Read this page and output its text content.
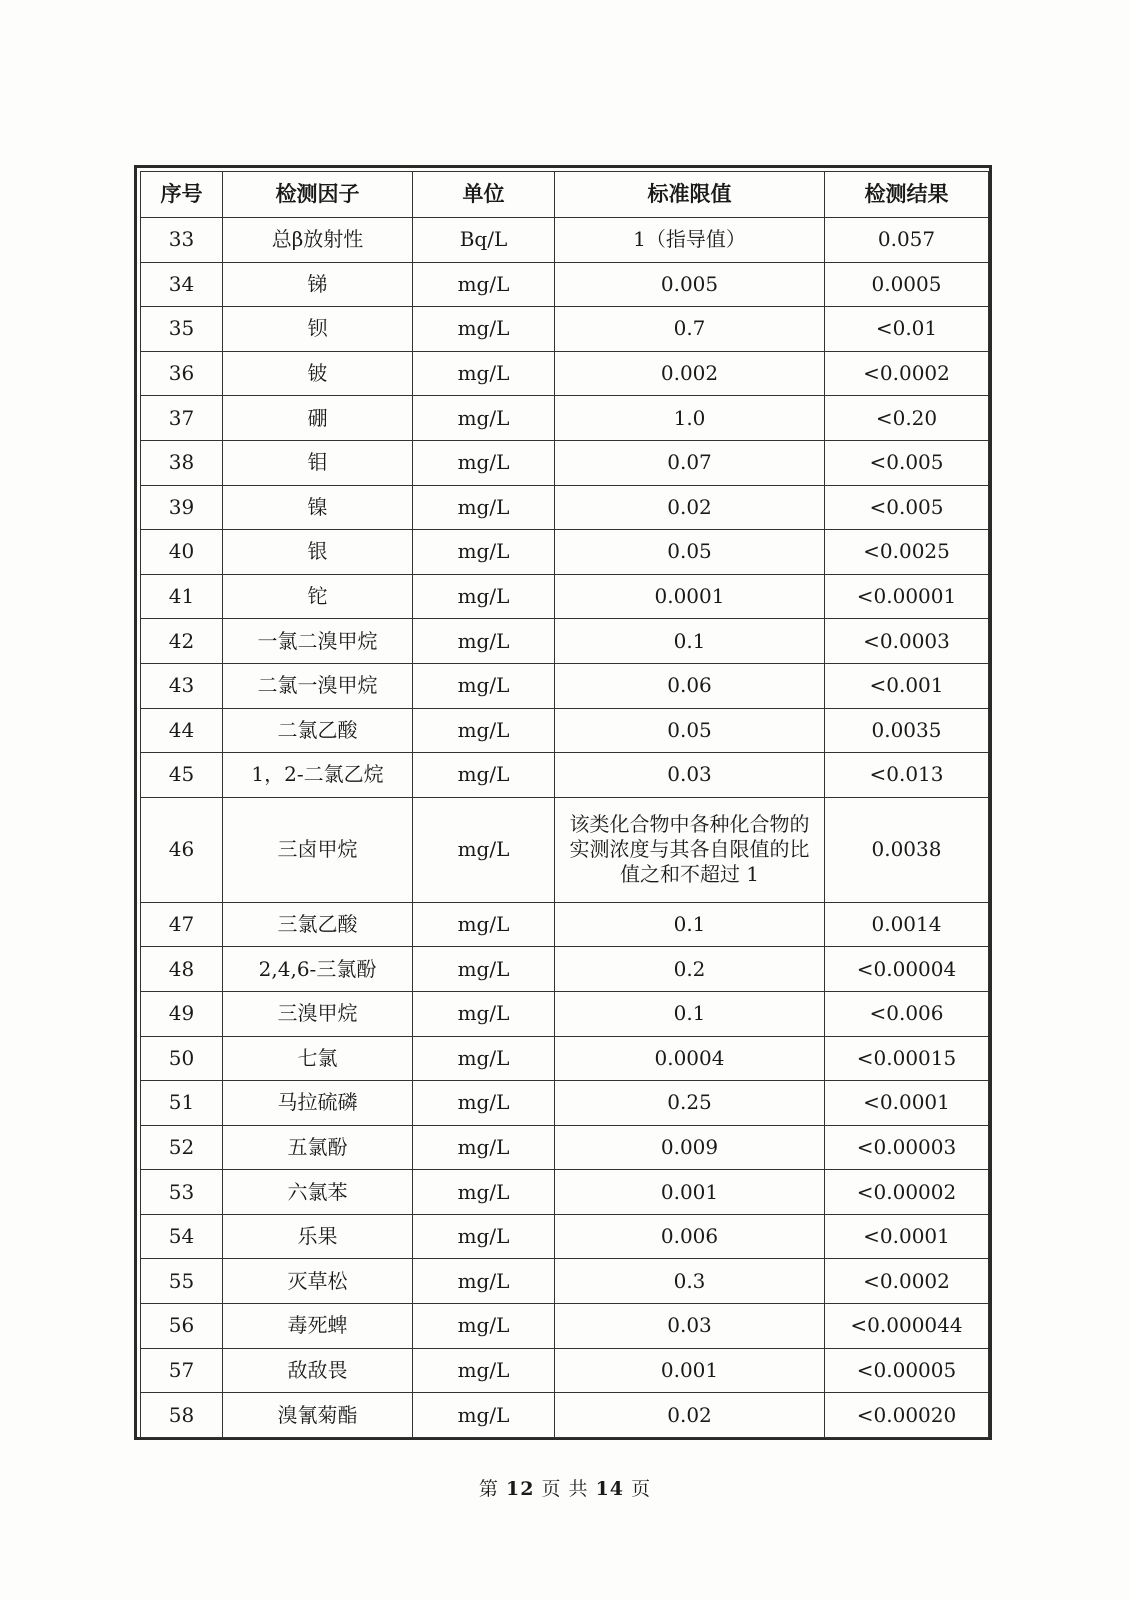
序号	检测因子	单位	标准限值	检测结果
33	总β放射性	Bq/L	1（指导值）	0.057
34	锑	mg/L	0.005	0.0005
35	钡	mg/L	0.7	<0.01
36	铍	mg/L	0.002	<0.0002
37	硼	mg/L	1.0	<0.20
38	钼	mg/L	0.07	<0.005
39	镍	mg/L	0.02	<0.005
40	银	mg/L	0.05	<0.0025
41	铊	mg/L	0.0001	<0.00001
42	一氯二溴甲烷	mg/L	0.1	<0.0003
43	二氯一溴甲烷	mg/L	0.06	<0.001
44	二氯乙酸	mg/L	0.05	0.0035
45	1，2-二氯乙烷	mg/L	0.03	<0.013
46	三卤甲烷	mg/L	该类化合物中各种化合物的实测浓度与其各自限值的比值之和不超过 1	0.0038
47	三氯乙酸	mg/L	0.1	0.0014
48	2,4,6-三氯酚	mg/L	0.2	<0.00004
49	三溴甲烷	mg/L	0.1	<0.006
50	七氯	mg/L	0.0004	<0.00015
51	马拉硫磷	mg/L	0.25	<0.0001
52	五氯酚	mg/L	0.009	<0.00003
53	六氯苯	mg/L	0.001	<0.00002
54	乐果	mg/L	0.006	<0.0001
55	灭草松	mg/L	0.3	<0.0002
56	毒死蜱	mg/L	0.03	<0.000044
57	敌敌畏	mg/L	0.001	<0.00005
58	溴氰菊酯	mg/L	0.02	<0.00020
第 12 页 共 14 页
